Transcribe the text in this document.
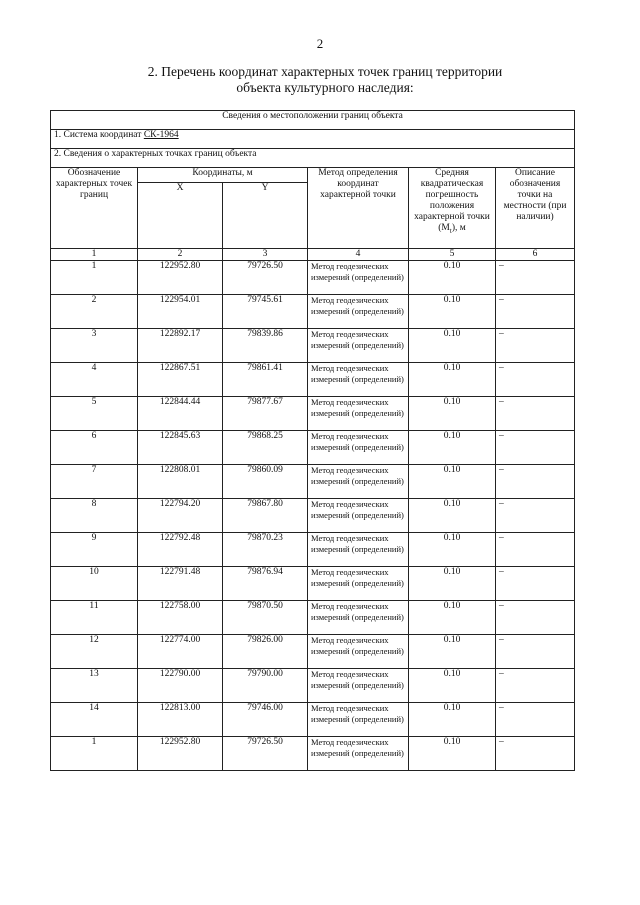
2
2. Перечень координат характерных точек границ территории
объекта культурного наследия:
Сведения о местоположении границ объекта					
1. Система координат СК-1964					
2. Сведения о характерных точках границ объекта					
Обозначение характерных точек границ	Координаты, м		Метод определения координат характерной точки	Средняя квадратическая погрешность положения характерной точки $(M_t)$, м	Описание обозначения точки на местности (при наличии)
	X	Y			
1	2	3	4	5	6
1	122952.80	79726.50	Метод геодезических измерений (определений)	0.10	–
2	122954.01	79745.61	Метод геодезических измерений (определений)	0.10	–
3	122892.17	79839.86	Метод геодезических измерений (определений)	0.10	–
4	122867.51	79861.41	Метод геодезических измерений (определений)	0.10	–
5	122844.44	79877.67	Метод геодезических измерений (определений)	0.10	–
6	122845.63	79868.25	Метод геодезических измерений (определений)	0.10	–
7	122808.01	79860.09	Метод геодезических измерений (определений)	0.10	–
8	122794.20	79867.80	Метод геодезических измерений (определений)	0.10	–
9	122792.48	79870.23	Метод геодезических измерений (определений)	0.10	–
10	122791.48	79876.94	Метод геодезических измерений (определений)	0.10	–
11	122758.00	79870.50	Метод геодезических измерений (определений)	0.10	–
12	122774.00	79826.00	Метод геодезических измерений (определений)	0.10	–
13	122790.00	79790.00	Метод геодезических измерений (определений)	0.10	–
14	122813.00	79746.00	Метод геодезических измерений (определений)	0.10	–
1	122952.80	79726.50	Метод геодезических измерений (определений)	0.10	–
